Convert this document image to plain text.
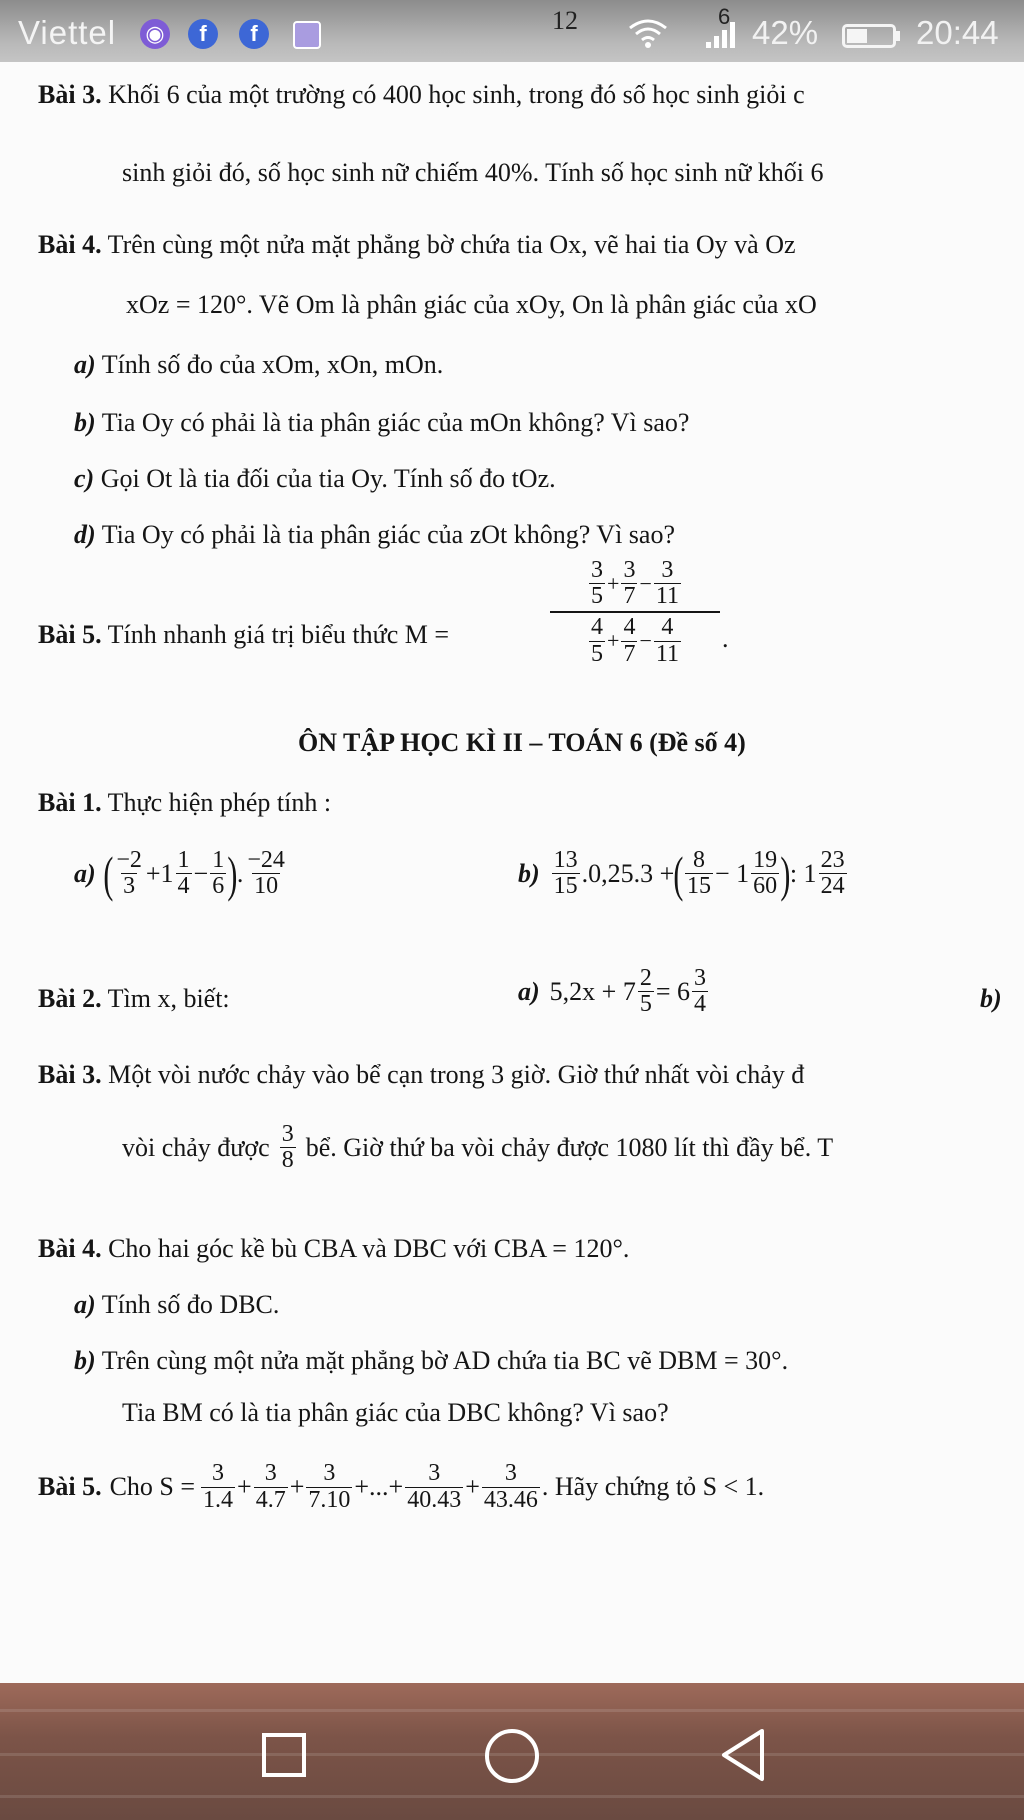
Viettel ◉	f	f	12	6 42%	20:44
Bài 3. Khối 6 của một trường có 400 học sinh, trong đó số học sinh giỏi c
sinh giỏi đó, số học sinh nữ chiếm 40%. Tính số học sinh nữ khối 6
Bài 4. Trên cùng một nửa mặt phẳng bờ chứa tia Ox, vẽ hai tia Oy và Oz
xOz = 120°. Vẽ Om là phân giác của xOy, On là phân giác của xO
a) Tính số đo của xOm, xOn, mOn.
b) Tia Oy có phải là tia phân giác của mOn không? Vì sao?
c) Gọi Ot là tia đối của tia Oy. Tính số đo tOz.
d) Tia Oy có phải là tia phân giác của zOt không? Vì sao?
Bài 5. Tính nhanh giá trị biểu thức M =
$\frac{3}{5} + \frac{3}{7} - \frac{3}{11}$
$\frac{4}{5} + \frac{4}{7} - \frac{4}{11}$ .
ÔN TẬP HỌC KÌ II – TOÁN 6 (Đề số 4)
Bài 1. Thực hiện phép tính :
a) ( $\frac{-2}{3} +1 \frac{1}{4} - \frac{1}{6}$ ) . $\frac{-24}{10}$	$b) \frac{13}{15} .0,25.3$ + ( $\frac{8}{15} - 1 \frac{19}{60}$ ) : $1 \frac{23}{24}$
Bài 2. Tìm x, biết:	a) $5,2x + 7 \frac{2}{5} = 6 \frac{3}{4}$	b)
Bài 3. Một vòi nước chảy vào bể cạn trong 3 giờ. Giờ thứ nhất vòi chảy đ
vòi chảy được $\frac{3}{8}$ bể. Giờ thứ ba vòi chảy được 1080 lít thì đầy bể. T
Bài 4. Cho hai góc kề bù CBA và DBC với CBA = 120°.
a) Tính số đo DBC.
b) Trên cùng một nửa mặt phẳng bờ AD chứa tia BC vẽ DBM = 30°.
Tia BM có là tia phân giác của DBC không? Vì sao?
Bài 5. Cho $S = \frac{3}{1.4} + \frac{3}{4.7} + \frac{3}{7.10}$ +...+ $\frac{3}{40.43} + \frac{3}{43.46}$ . Hãy chứng tỏ S < 1.
